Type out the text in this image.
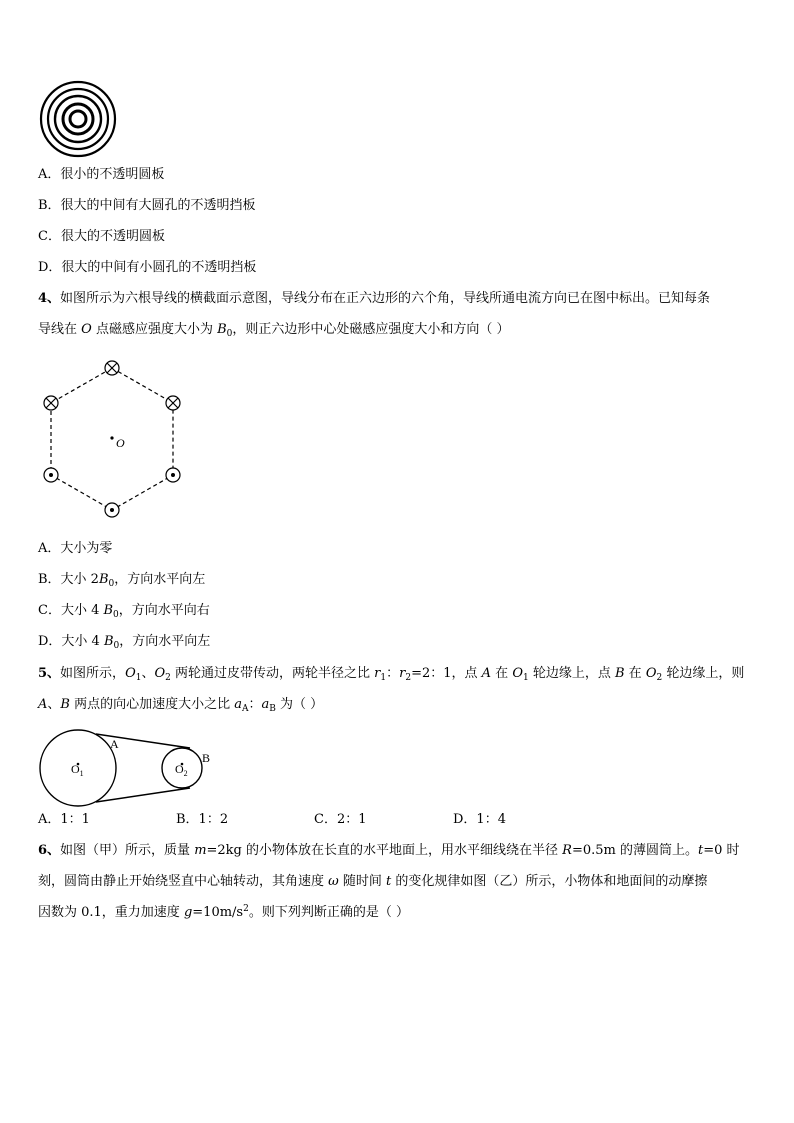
A．很小的不透明圆板
B．很大的中间有大圆孔的不透明挡板
C．很大的不透明圆板
D．很大的中间有小圆孔的不透明挡板
4、如图所示为六根导线的横截面示意图，导线分布在正六边形的六个角，导线所通电流方向已在图中标出。已知每条
导线在 O 点磁感应强度大小为 $B_0$，则正六边形中心处磁感应强度大小和方向（ ）
O
A．大小为零
B．大小 $2B_0$，方向水平向左
C．大小 4 $B_0$，方向水平向右
D．大小 4 $B_0$，方向水平向左
5、如图所示，$O_1$、$O_2$ 两轮通过皮带传动，两轮半径之比 $r_1$：$r_2=2$：1，点 A 在 $O_1$ 轮边缘上，点 B 在 $O_2$ 轮边缘上，则
A、B 两点的向心加速度大小之比 $a_A$：$a_B$ 为（ ）
A
B
$O_1$	$O_2$
A．1：1	B．1：2	C．2：1	D．1：4
6、如图（甲）所示，质量 m=2kg 的小物体放在长直的水平地面上，用水平细线绕在半径 R=0.5m 的薄圆筒上。t=0 时
刻，圆筒由静止开始绕竖直中心轴转动，其角速度 ω 随时间 t 的变化规律如图（乙）所示，小物体和地面间的动摩擦
因数为 0.1，重力加速度 $g=10m/s^2$。则下列判断正确的是（ ）
